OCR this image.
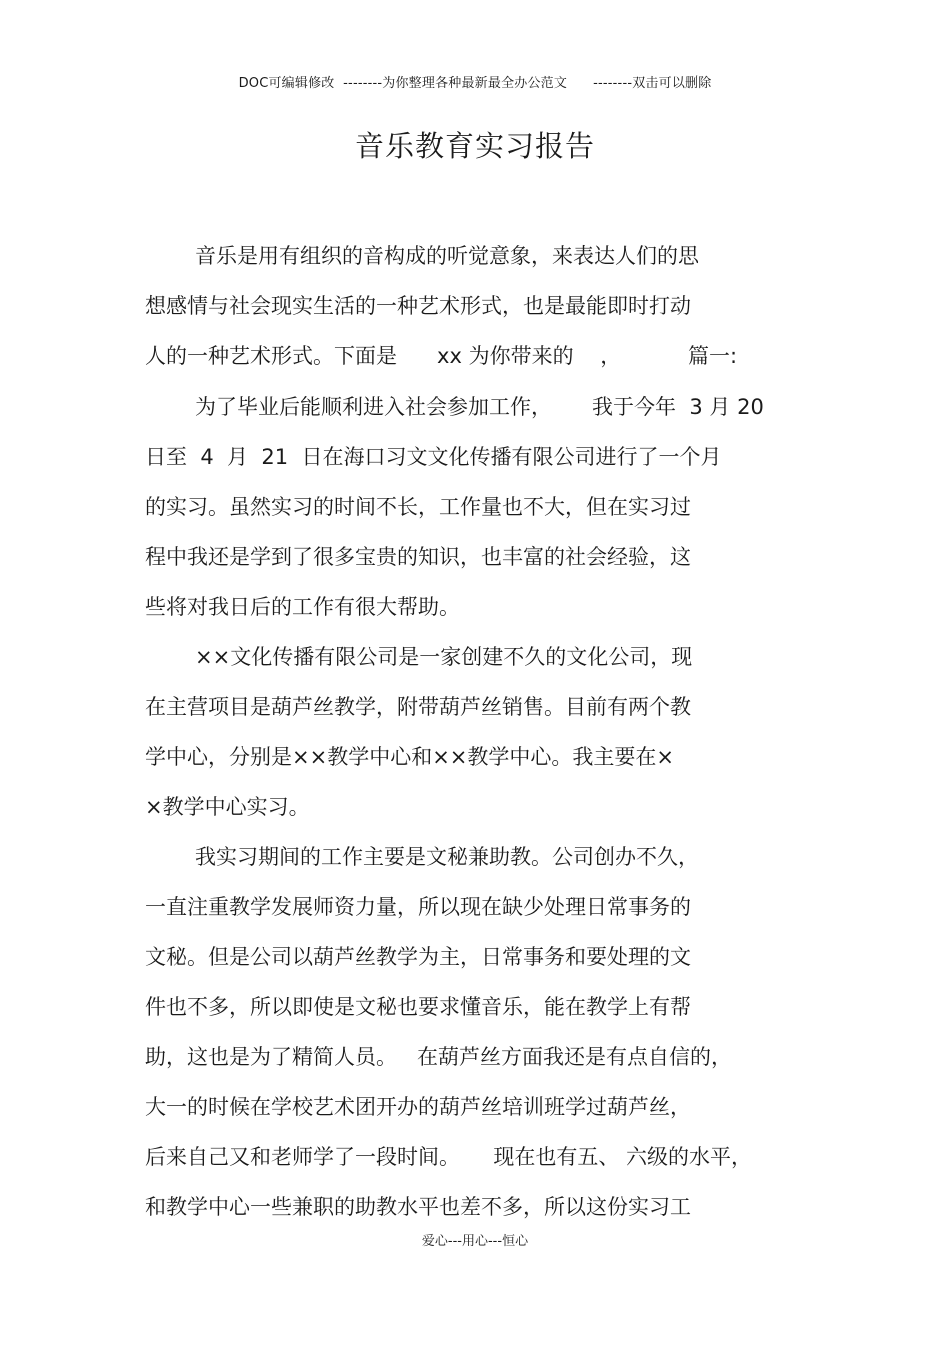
DOC可编辑修改 --------为你整理各种最新最全办公范文 --------双击可以删除
音乐教育实习报告
音乐是用有组织的音构成的听觉意象，来表达人们的思
想感情与社会现实生活的一种艺术形式，也是最能即时打动
人的一种艺术形式。下面是      xx 为你带来的    ，          篇一:
为了毕业后能顺利进入社会参加工作，      我于今年  3 月 20
日至  4  月  21  日在海口习文文化传播有限公司进行了一个月
的实习。虽然实习的时间不长，工作量也不大，但在实习过
程中我还是学到了很多宝贵的知识，也丰富的社会经验，这
些将对我日后的工作有很大帮助。
××文化传播有限公司是一家创建不久的文化公司，现
在主营项目是葫芦丝教学，附带葫芦丝销售。目前有两个教
学中心，分别是××教学中心和××教学中心。我主要在×
×教学中心实习。
我实习期间的工作主要是文秘兼助教。公司创办不久，
一直注重教学发展师资力量，所以现在缺少处理日常事务的
文秘。但是公司以葫芦丝教学为主，日常事务和要处理的文
件也不多，所以即使是文秘也要求懂音乐，能在教学上有帮
助，这也是为了精简人员。   在葫芦丝方面我还是有点自信的，
大一的时候在学校艺术团开办的葫芦丝培训班学过葫芦丝，
后来自己又和老师学了一段时间。     现在也有五、 六级的水平，
和教学中心一些兼职的助教水平也差不多，所以这份实习工
爱心---用心---恒心
